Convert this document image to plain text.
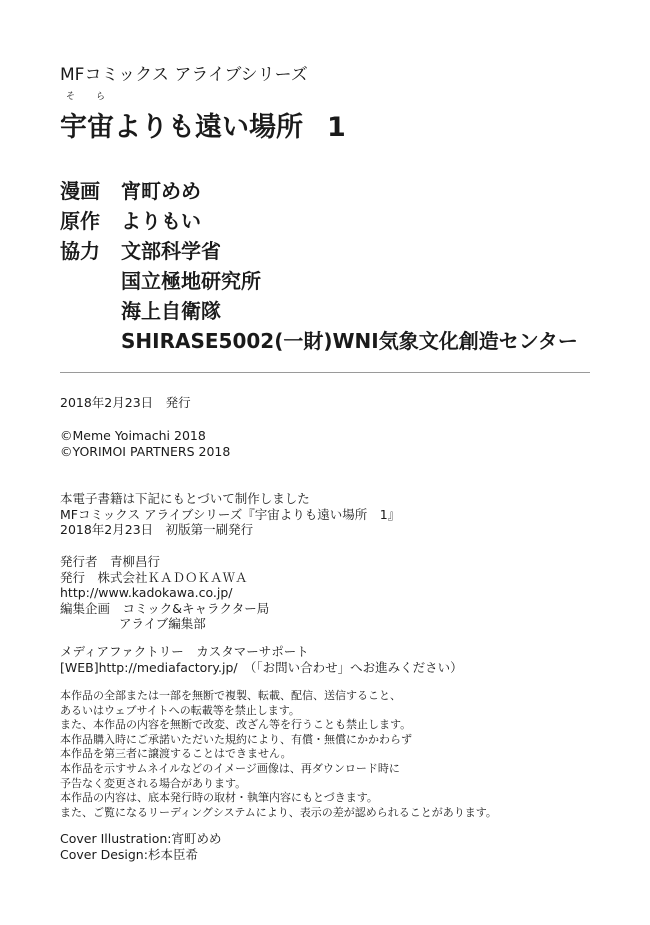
MFコミックス アライブシリーズ
そ ら
宇宙よりも遠い場所 1
漫画 宵町めめ
原作 よりもい
協力 文部科学省
国立極地研究所
海上自衛隊
SHIRASE5002(一財)WNI気象文化創造センター
2018年2月23日　発行
©Meme Yoimachi 2018
©YORIMOI PARTNERS 2018
本電子書籍は下記にもとづいて制作しました
MFコミックス アライブシリーズ『宇宙よりも遠い場所　1』
2018年2月23日　初版第一刷発行
発行者　青柳昌行
発行　株式会社ＫＡＤＯＫＡＷＡ
http://www.kadokawa.co.jp/
編集企画　コミック&キャラクター局
アライブ編集部
メディアファクトリー　カスタマーサポート
[WEB]http://mediafactory.jp/　（「お問い合わせ」へお進みください）
本作品の全部または一部を無断で複製、転載、配信、送信すること、
あるいはウェブサイトへの転載等を禁止します。
また、本作品の内容を無断で改変、改ざん等を行うことも禁止します。
本作品購入時にご承諾いただいた規約により、有償・無償にかかわらず
本作品を第三者に譲渡することはできません。
本作品を示すサムネイルなどのイメージ画像は、再ダウンロード時に
予告なく変更される場合があります。
本作品の内容は、底本発行時の取材・執筆内容にもとづきます。
また、ご覧になるリーディングシステムにより、表示の差が認められることがあります。
Cover Illustration:宵町めめ
Cover Design:杉本臣希
